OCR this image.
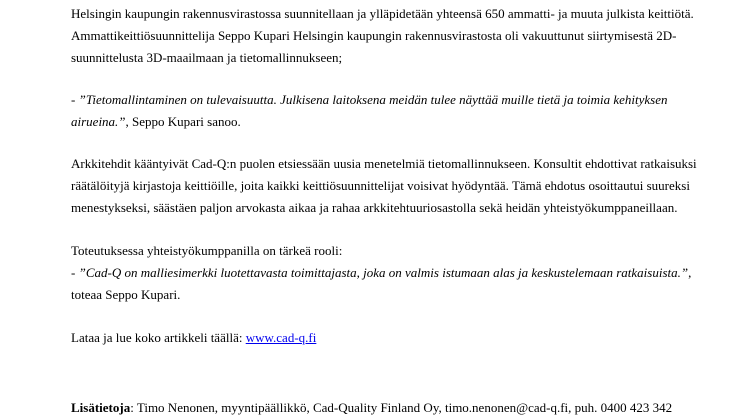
Helsingin kaupungin rakennusvirastossa suunnitellaan ja ylläpidetään yhteensä 650 ammatti- ja muuta julkista keittiötä.
Ammattikeittiösuunnittelija Seppo Kupari Helsingin kaupungin rakennusvirastosta oli vakuuttunut siirtymisestä 2D-
suunnittelusta 3D-maailmaan ja tietomallinnukseen;

- ”Tietomallintaminen on tulevaisuutta. Julkisena laitoksena meidän tulee näyttää muille tietä ja toimia kehityksen
airueina.”, Seppo Kupari sanoo.

Arkkitehdit kääntyivät Cad-Q:n puolen etsiessään uusia menetelmiä tietomallinnukseen. Konsultit ehdottivat ratkaisuksi
räätälöityjä kirjastoja keittiöille, joita kaikki keittiösuunnittelijat voisivat hyödyntää. Tämä ehdotus osoittautui suureksi
menestykseksi, säästäen paljon arvokasta aikaa ja rahaa arkkitehtuuriosastolla sekä heidän yhteistyökumppaneillaan.

Toteutuksessa yhteistyökumppanilla on tärkeä rooli:
- ”Cad-Q on malliesimerkki luotettavasta toimittajasta, joka on valmis istumaan alas ja keskustelemaan ratkaisuista.”,
toteaa Seppo Kupari.

Lataa ja lue koko artikkeli täällä: www.cad-q.fi

Lisätietoja: Timo Nenonen, myyntipäällikkö, Cad-Quality Finland Oy, timo.nenonen@cad-q.fi, puh. 0400 423 342
